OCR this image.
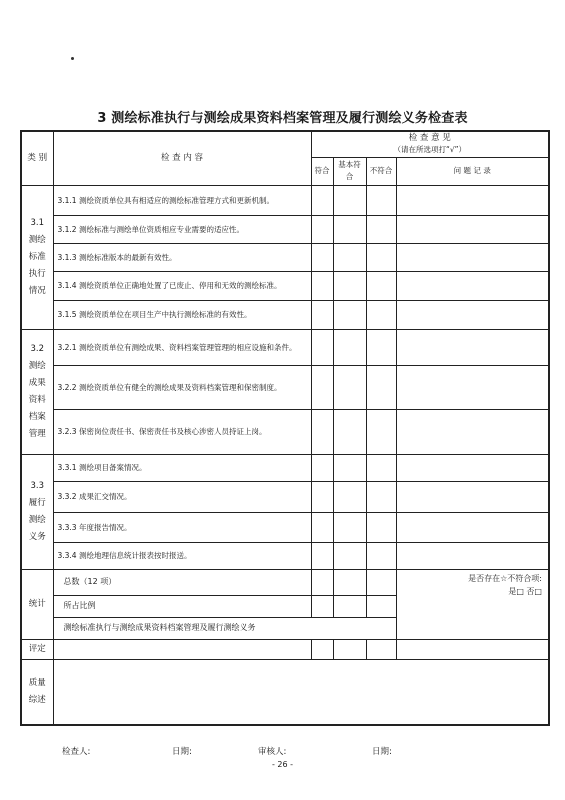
3 测绘标准执行与测绘成果资料档案管理及履行测绘义务检查表
类 别	检 查 内 容	检 查 意 见
（请在所选项打“√”）			

		符合	基本符合	不符合	问 题 记 录

3.1 测绘 标准 执行 情况	3.1.1 测绘资质单位具有相适应的测绘标准管理方式和更新机制。				
	3.1.2 测绘标准与测绘单位资质相应专业需要的适应性。				
	3.1.3 测绘标准版本的最新有效性。				
	3.1.4 测绘资质单位正确地处置了已废止、停用和无效的测绘标准。				
	3.1.5 测绘资质单位在项目生产中执行测绘标准的有效性。				

3.2 测绘 成果 资料 档案 管理	3.2.1 测绘资质单位有测绘成果、资料档案管理管理的相应设施和条件。				
	3.2.2 测绘资质单位有健全的测绘成果及资料档案管理和保密制度。				
	3.2.3 保密岗位责任书、保密责任书及核心涉密人员持证上岗。				

3.3 履行 测绘 义务	3.3.1 测绘项目备案情况。				
	3.3.2 成果汇交情况。				
	3.3.3 年度报告情况。				
	3.3.4 测绘地理信息统计报表按时报送。				
统计	总数（12 项）				是否存在☆不符合项:
是□ 否□

	所占比例				
	测绘标准执行与测绘成果资料档案管理及履行测绘义务				
评定					

质量综述					

检查人:	日期:	审核人:	日期:
- 26 -
